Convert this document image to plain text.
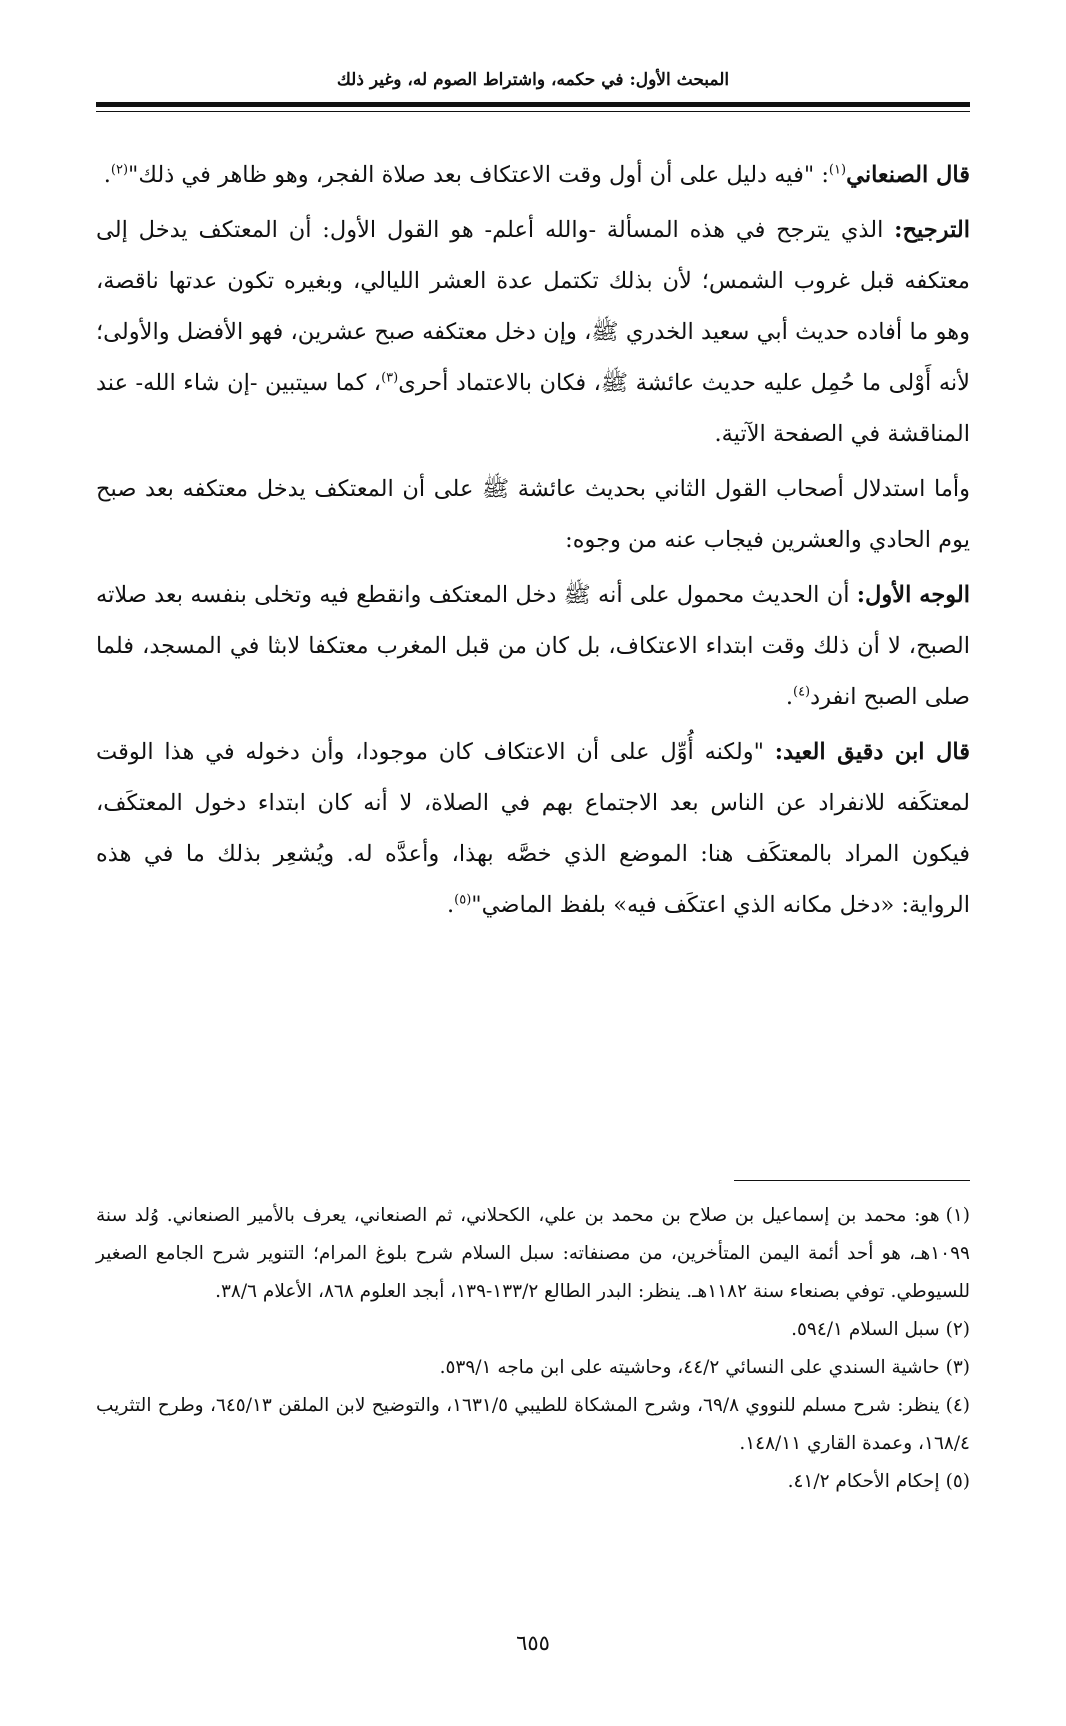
المبحث الأول: في حكمه، واشتراط الصوم له، وغير ذلك

قال الصنعاني$^{(١)}$: "فيه دليل على أن أول وقت الاعتكاف بعد صلاة الفجر، وهو ظاهر في ذلك"$^{(٢)}$.

الترجيح: الذي يترجح في هذه المسألة -والله أعلم- هو القول الأول: أن المعتكف يدخل إلى معتكفه قبل غروب الشمس؛ لأن بذلك تكتمل عدة العشر الليالي، وبغيره تكون عدتها ناقصة، وهو ما أفاده حديث أبي سعيد الخدري ﷺ، وإن دخل معتكفه صبح عشرين، فهو الأفضل والأولى؛ لأنه أَوْلى ما حُمِل عليه حديث عائشة ﷺ، فكان بالاعتماد أحرى$^{(٣)}$، كما سيتبين -إن شاء الله- عند المناقشة في الصفحة الآتية.

وأما استدلال أصحاب القول الثاني بحديث عائشة ﷺ على أن المعتكف يدخل معتكفه بعد صبح يوم الحادي والعشرين فيجاب عنه من وجوه:

الوجه الأول: أن الحديث محمول على أنه ﷺ دخل المعتكف وانقطع فيه وتخلى بنفسه بعد صلاته الصبح، لا أن ذلك وقت ابتداء الاعتكاف، بل كان من قبل المغرب معتكفا لابثا في المسجد، فلما صلى الصبح انفرد$^{(٤)}$.

قال ابن دقيق العيد: "ولكنه أُوِّل على أن الاعتكاف كان موجودا، وأن دخوله في هذا الوقت لمعتكَفه للانفراد عن الناس بعد الاجتماع بهم في الصلاة، لا أنه كان ابتداء دخول المعتكَف، فيكون المراد بالمعتكَف هنا: الموضع الذي خصَّه بهذا، وأعدَّه له. ويُشعِر بذلك ما في هذه الرواية: «دخل مكانه الذي اعتكَف فيه» بلفظ الماضي"$^{(٥)}$.

(١)هو: محمد بن إسماعيل بن صلاح بن محمد بن علي، الكحلاني، ثم الصنعاني، يعرف بالأمير الصنعاني. وُلد سنة ١٠٩٩هـ، هو أحد أئمة اليمن المتأخرين، من مصنفاته: سبل السلام شرح بلوغ المرام؛ التنوير شرح الجامع الصغير للسيوطي. توفي بصنعاء سنة ١١٨٢هـ. ينظر: البدر الطالع ١٣٣/٢-١٣٩، أبجد العلوم ٨٦٨، الأعلام ٣٨/٦.

(٢)سبل السلام ٥٩٤/١.

(٣)حاشية السندي على النسائي ٤٤/٢، وحاشيته على ابن ماجه ٥٣٩/١.

(٤)ينظر: شرح مسلم للنووي ٦٩/٨، وشرح المشكاة للطيبي ١٦٣١/٥، والتوضيح لابن الملقن ٦٤٥/١٣، وطرح التثريب ١٦٨/٤، وعمدة القاري ١٤٨/١١.

(٥)إحكام الأحكام ٤١/٢.

٦٥٥
